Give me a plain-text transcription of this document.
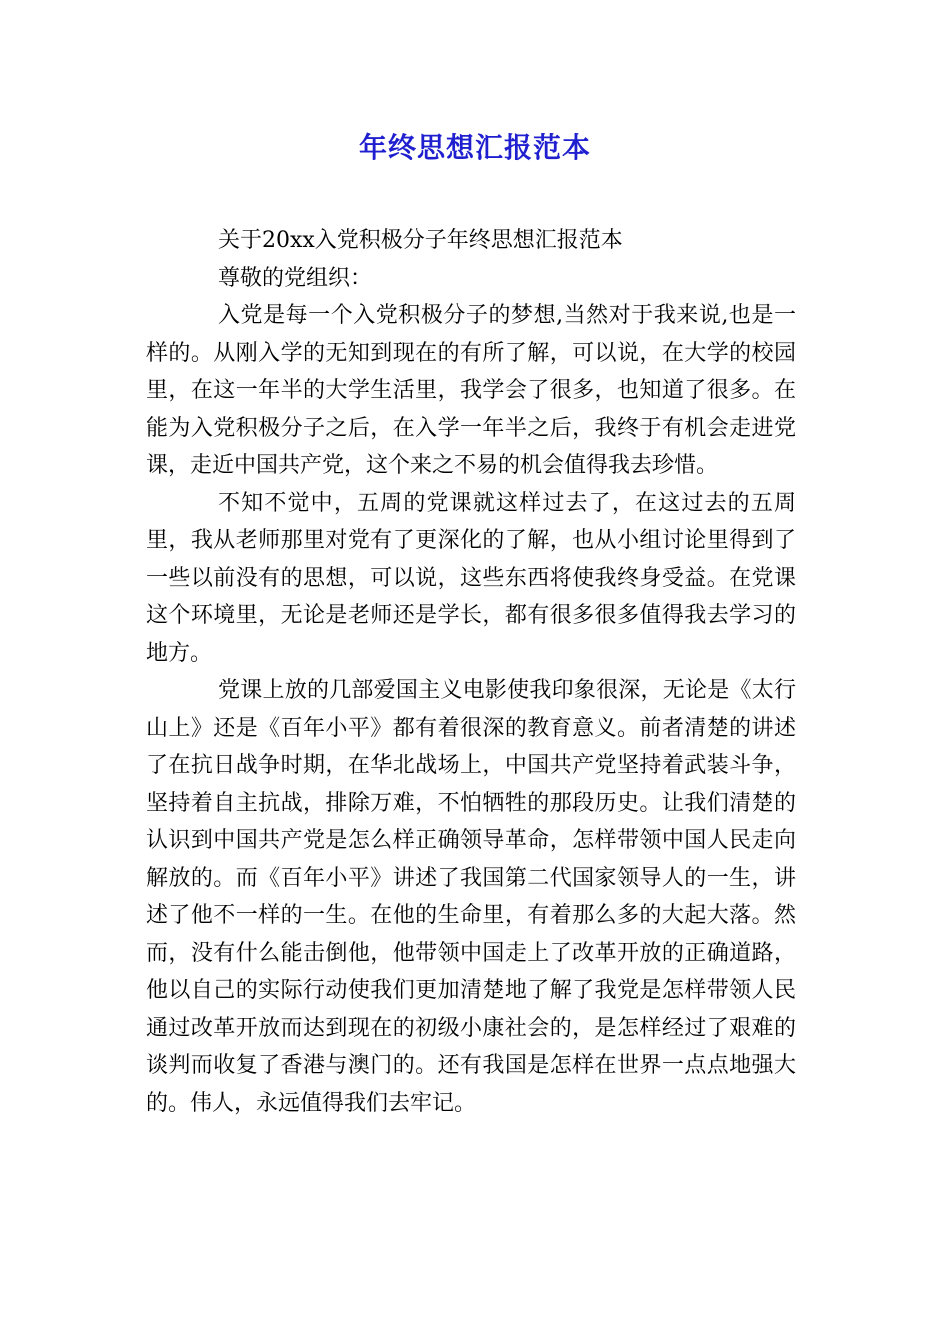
年终思想汇报范本

关于20xx入党积极分子年终思想汇报范本

尊敬的党组织：

入党是每一个入党积极分子的梦想,当然对于我来说,也是一样的。从刚入学的无知到现在的有所了解，可以说，在大学的校园里，在这一年半的大学生活里，我学会了很多，也知道了很多。在能为入党积极分子之后，在入学一年半之后，我终于有机会走进党课，走近中国共产党，这个来之不易的机会值得我去珍惜。

不知不觉中，五周的党课就这样过去了，在这过去的五周里，我从老师那里对党有了更深化的了解，也从小组讨论里得到了一些以前没有的思想，可以说，这些东西将使我终身受益。在党课这个环境里，无论是老师还是学长，都有很多很多值得我去学习的地方。

党课上放的几部爱国主义电影使我印象很深，无论是《太行山上》还是《百年小平》都有着很深的教育意义。前者清楚的讲述了在抗日战争时期，在华北战场上，中国共产党坚持着武装斗争，坚持着自主抗战，排除万难，不怕牺牲的那段历史。让我们清楚的认识到中国共产党是怎么样正确领导革命，怎样带领中国人民走向解放的。而《百年小平》讲述了我国第二代国家领导人的一生，讲述了他不一样的一生。在他的生命里，有着那么多的大起大落。然而，没有什么能击倒他，他带领中国走上了改革开放的正确道路，他以自己的实际行动使我们更加清楚地了解了我党是怎样带领人民通过改革开放而达到现在的初级小康社会的，是怎样经过了艰难的谈判而收复了香港与澳门的。还有我国是怎样在世界一点点地强大的。伟人，永远值得我们去牢记。
